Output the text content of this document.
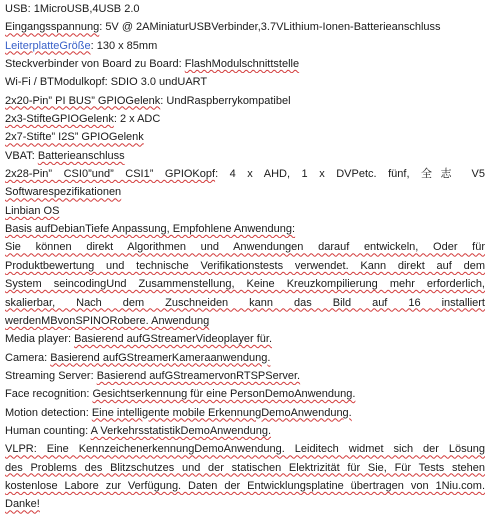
USB: 1MicroUSB,4USB 2.0
Eingangsspannung: 5V @ 2AMiniaturUSBVerbinder,3.7VLithium-Ionen-Batterieanschluss
LeiterplatteGröße: 130 x 85mm
Steckverbinder von Board zu Board: FlashModulschnittstelle
Wi-Fi / BTModulkopf: SDIO 3.0 undUART
2x20-Pin” PI BUS” GPIOGelenk: UndRaspberrykompatibel
2x3-StifteGPIOGelenk: 2 x ADC
2x7-Stifte” I2S” GPIOGelenk
VBAT: Batterieanschluss
2x28-Pin” CSI0”und” CSI1” GPIOKopf: 4 x AHD, 1 x DVPetc. fünf, 全志 V5
Softwarespezifikationen
Linbian OS
Basis aufDebianTiefe Anpassung, Empfohlene Anwendung:
Sie können direkt Algorithmen und Anwendungen darauf entwickeln, Oder für
Produktbewertung und technische Verifikationstests verwendet. Kann direkt auf dem
System seincodingUnd Zusammenstellung, Keine Kreuzkompilierung mehr erforderlich,
skalierbar, Nach dem Zuschneiden kann das Bild auf 16 installiert
werdenMBvonSPINORobere. Anwendung
Media player: Basierend aufGStreamerVideoplayer für.
Camera: Basierend aufGStreamerKameraanwendung.
Streaming Server: Basierend aufGStreamervonRTSPServer.
Face recognition: Gesichtserkennung für eine PersonDemoAnwendung.
Motion detection: Eine intelligente mobile ErkennungDemoAnwendung.
Human counting: A VerkehrsstatistikDemoAnwendung.
VLPR: Eine KennzeichenerkennungDemoAnwendung. Leiditech widmet sich der Lösung
des Problems des Blitzschutzes und der statischen Elektrizität für Sie, Für Tests stehen
kostenlose Labore zur Verfügung. Daten der Entwicklungsplatine übertragen von 1Niu.com.
Danke!
